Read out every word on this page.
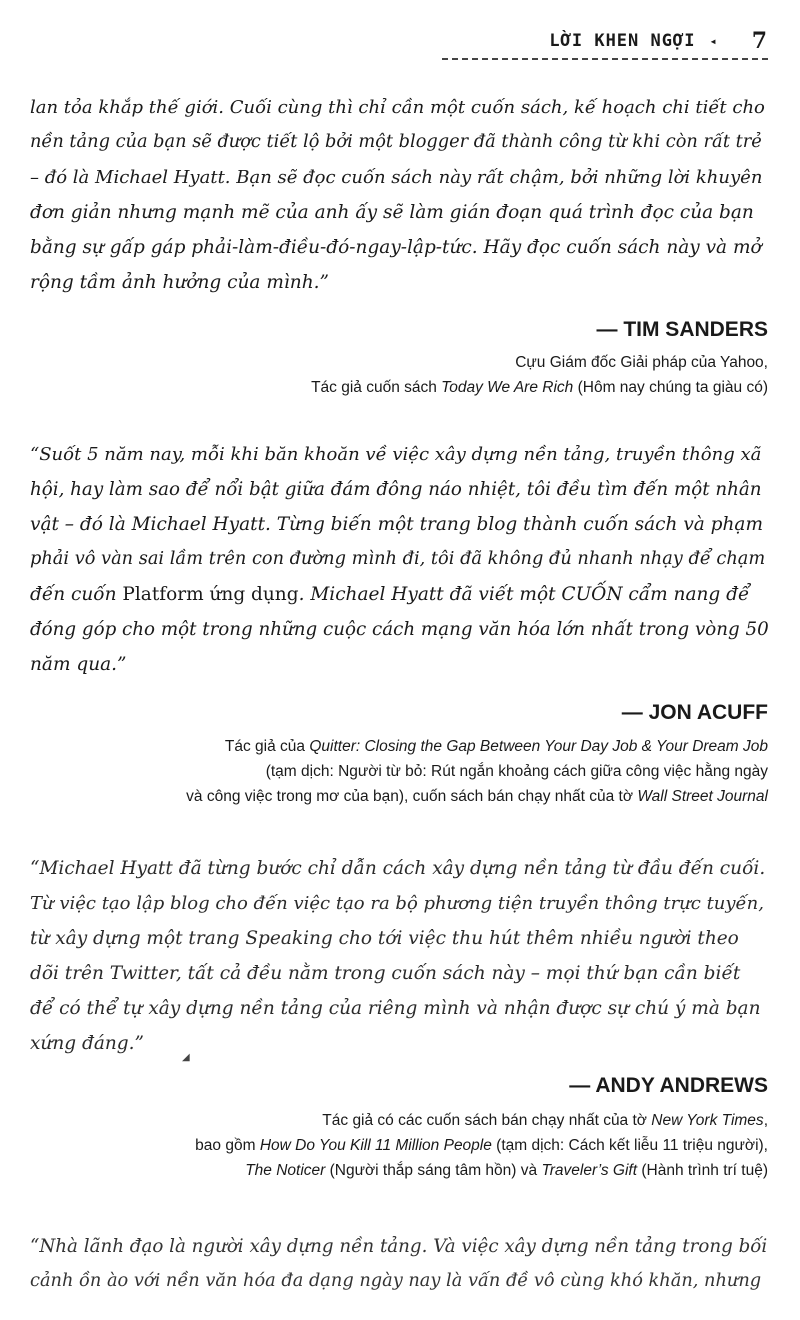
LỜI KHEN NGỢI ◂ 7

lan tỏa khắp thế giới. Cuối cùng thì chỉ cần một cuốn sách, kế hoạch chi tiết cho
nền tảng của bạn sẽ được tiết lộ bởi một blogger đã thành công từ khi còn rất trẻ
– đó là Michael Hyatt. Bạn sẽ đọc cuốn sách này rất chậm, bởi những lời khuyên
đơn giản nhưng mạnh mẽ của anh ấy sẽ làm gián đoạn quá trình đọc của bạn
bằng sự gấp gáp phải-làm-điều-đó-ngay-lập-tức. Hãy đọc cuốn sách này và mở
rộng tầm ảnh hưởng của mình.”

— TIM SANDERS
Cựu Giám đốc Giải pháp của Yahoo,
Tác giả cuốn sách Today We Are Rich (Hôm nay chúng ta giàu có)

“Suốt 5 năm nay, mỗi khi băn khoăn về việc xây dựng nền tảng, truyền thông xã
hội, hay làm sao để nổi bật giữa đám đông náo nhiệt, tôi đều tìm đến một nhân
vật – đó là Michael Hyatt. Từng biến một trang blog thành cuốn sách và phạm
phải vô vàn sai lầm trên con đường mình đi, tôi đã không đủ nhanh nhạy để chạm
đến cuốn Platform ứng dụng. Michael Hyatt đã viết một CUỐN cẩm nang để
đóng góp cho một trong những cuộc cách mạng văn hóa lớn nhất trong vòng 50
năm qua.”

— JON ACUFF
Tác giả của Quitter: Closing the Gap Between Your Day Job & Your Dream Job
(tạm dịch: Người từ bỏ: Rút ngắn khoảng cách giữa công việc hằng ngày
và công việc trong mơ của bạn), cuốn sách bán chạy nhất của tờ Wall Street Journal

“Michael Hyatt đã từng bước chỉ dẫn cách xây dựng nền tảng từ đầu đến cuối.
Từ việc tạo lập blog cho đến việc tạo ra bộ phương tiện truyền thông trực tuyến,
từ xây dựng một trang Speaking cho tới việc thu hút thêm nhiều người theo
dõi trên Twitter, tất cả đều nằm trong cuốn sách này – mọi thứ bạn cần biết
để có thể tự xây dựng nền tảng của riêng mình và nhận được sự chú ý mà bạn
xứng đáng.”

◢
— ANDY ANDREWS
Tác giả có các cuốn sách bán chạy nhất của tờ New York Times,
bao gồm How Do You Kill 11 Million People (tạm dịch: Cách kết liễu 11 triệu người),
The Noticer (Người thắp sáng tâm hồn) và Traveler’s Gift (Hành trình trí tuệ)

“Nhà lãnh đạo là người xây dựng nền tảng. Và việc xây dựng nền tảng trong bối
cảnh ồn ào với nền văn hóa đa dạng ngày nay là vấn đề vô cùng khó khăn, nhưng
